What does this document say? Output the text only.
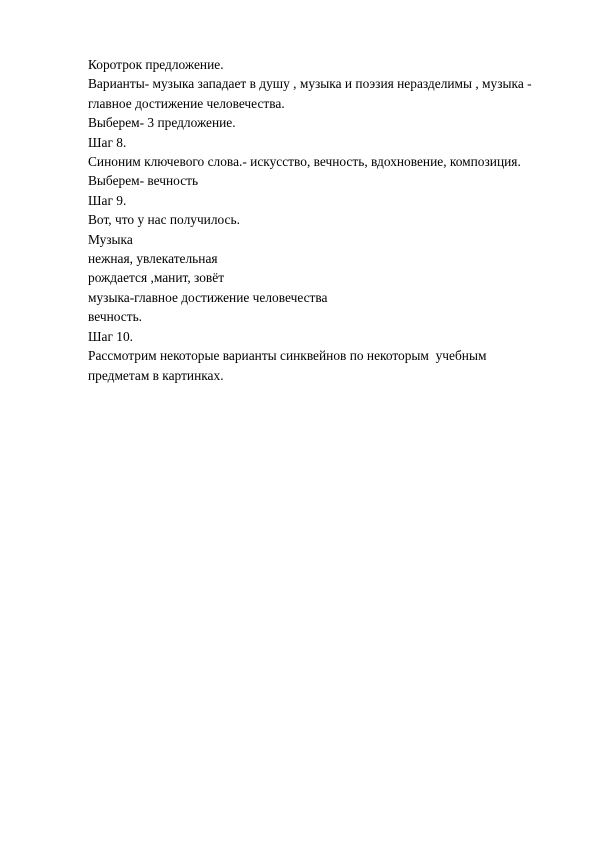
Коротрок предложение.
Варианты- музыка западает в душу , музыка и поэзия неразделимы , музыка -
главное достижение человечества.
Выберем- 3 предложение.
Шаг 8.
Синоним ключевого слова.- искусство, вечность, вдохновение, композиция.
Выберем- вечность
Шаг 9.
Вот, что у нас получилось.
Музыка
нежная, увлекательная
рождается ,манит, зовёт
музыка-главное достижение человечества
вечность.
Шаг 10.
Рассмотрим некоторые варианты синквейнов по некоторым  учебным
предметам в картинках.
